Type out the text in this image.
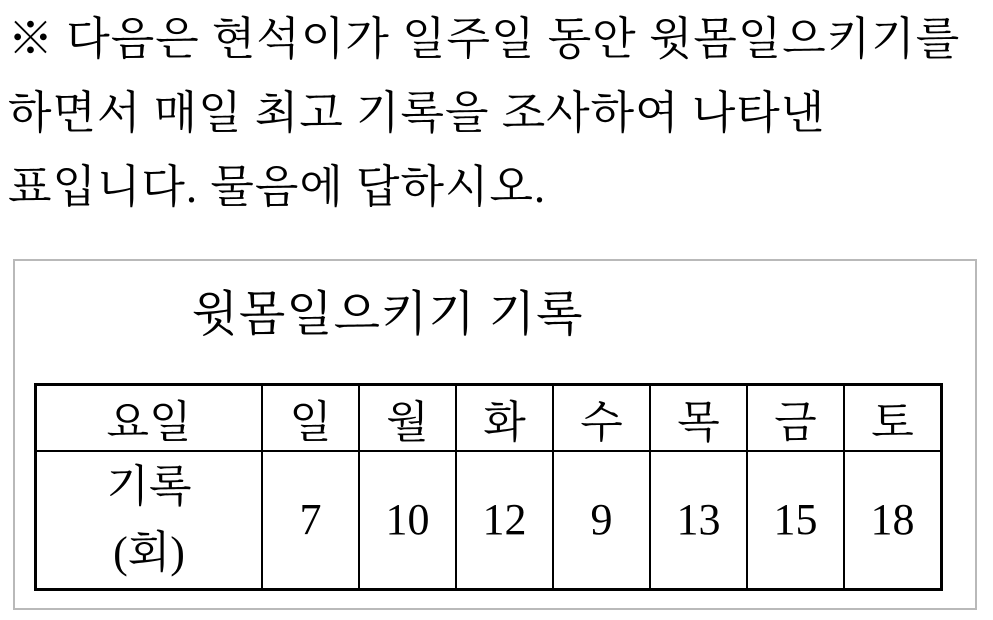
※ 다음은 현석이가 일주일 동안 윗몸일으키기를
하면서 매일 최고 기록을 조사하여 나타낸
표입니다. 물음에 답하시오.
윗몸일으키기 기록
요일	일	월	화	수	목	금	토

기록
(회)	7	10	12	9	13	15	18
